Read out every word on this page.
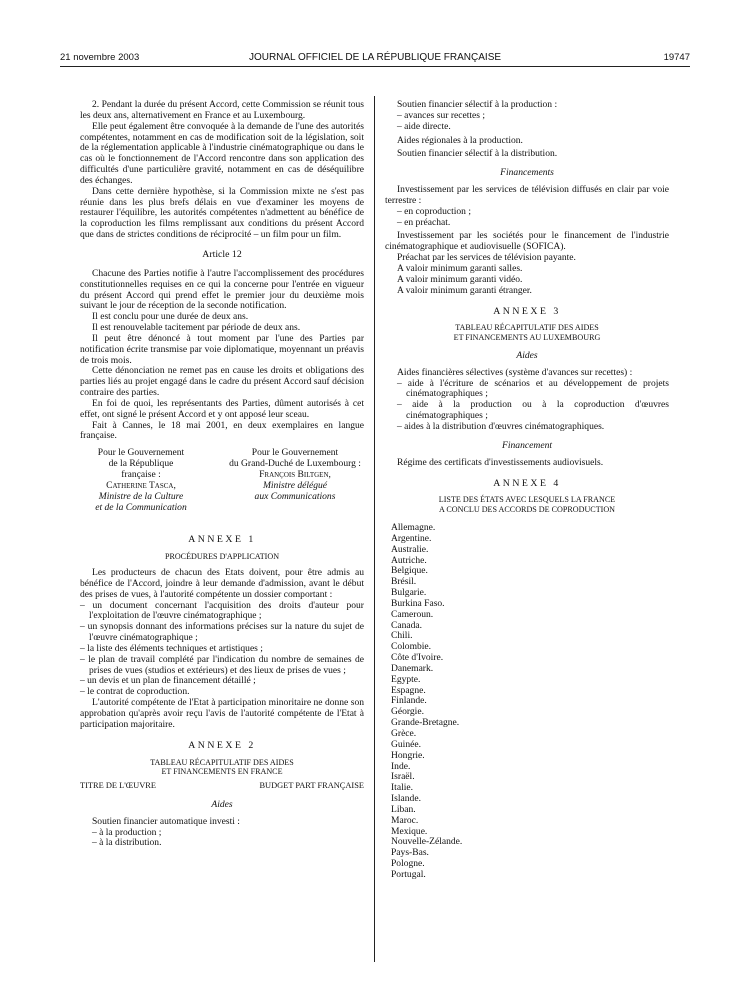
21 novembre 2003	JOURNAL OFFICIEL DE LA RÉPUBLIQUE FRANÇAISE	19747

2. Pendant la durée du présent Accord, cette Commission se réunit tous les deux ans, alternativement en France et au Luxembourg.

Elle peut également être convoquée à la demande de l'une des autorités compétentes, notamment en cas de modification soit de la législation, soit de la réglementation applicable à l'industrie cinématographique ou dans le cas où le fonctionnement de l'Accord rencontre dans son application des difficultés d'une particulière gravité, notamment en cas de déséquilibre des échanges.

Dans cette dernière hypothèse, si la Commission mixte ne s'est pas réunie dans les plus brefs délais en vue d'examiner les moyens de restaurer l'équilibre, les autorités compétentes n'admettent au bénéfice de la coproduction les films remplissant aux conditions du présent Accord que dans de strictes conditions de réciprocité – un film pour un film.

Article 12

Chacune des Parties notifie à l'autre l'accomplissement des procédures constitutionnelles requises en ce qui la concerne pour l'entrée en vigueur du présent Accord qui prend effet le premier jour du deuxième mois suivant le jour de réception de la seconde notification.

Il est conclu pour une durée de deux ans.

Il est renouvelable tacitement par période de deux ans.

Il peut être dénoncé à tout moment par l'une des Parties par notification écrite transmise par voie diplomatique, moyennant un préavis de trois mois.

Cette dénonciation ne remet pas en cause les droits et obligations des parties liés au projet engagé dans le cadre du présent Accord sauf décision contraire des parties.

En foi de quoi, les représentants des Parties, dûment autorisés à cet effet, ont signé le présent Accord et y ont apposé leur sceau.

Fait à Cannes, le 18 mai 2001, en deux exemplaires en langue française.

Pour le Gouvernement
de la République
française :
Catherine Tasca,
Ministre de la Culture
et de la Communication
Pour le Gouvernement
du Grand-Duché de Luxembourg :
François Biltgen,
Ministre délégué
aux Communications
ANNEXE 1
PROCÉDURES D'APPLICATION

Les producteurs de chacun des Etats doivent, pour être admis au bénéfice de l'Accord, joindre à leur demande d'admission, avant le début des prises de vues, à l'autorité compétente un dossier comportant :

– un document concernant l'acquisition des droits d'auteur pour l'exploitation de l'œuvre cinématographique ;

– un synopsis donnant des informations précises sur la nature du sujet de l'œuvre cinématographique ;

– la liste des éléments techniques et artistiques ;

– le plan de travail complété par l'indication du nombre de semaines de prises de vues (studios et extérieurs) et des lieux de prises de vues ;

– un devis et un plan de financement détaillé ;

– le contrat de coproduction.

L'autorité compétente de l'Etat à participation minoritaire ne donne son approbation qu'après avoir reçu l'avis de l'autorité compétente de l'Etat à participation majoritaire.

ANNEXE 2
TABLEAU RÉCAPITULATIF DES AIDES
ET FINANCEMENTS EN FRANCE
TITRE DE L'ŒUVRE	BUDGET PART FRANÇAISE
Aides

Soutien financier automatique investi :

– à la production ;

– à la distribution.

Soutien financier sélectif à la production :

– avances sur recettes ;

– aide directe.

Aides régionales à la production.

Soutien financier sélectif à la distribution.

Financements

Investissement par les services de télévision diffusés en clair par voie terrestre :

– en coproduction ;

– en préachat.

Investissement par les sociétés pour le financement de l'industrie cinématographique et audiovisuelle (SOFICA).

Préachat par les services de télévision payante.

A valoir minimum garanti salles.

A valoir minimum garanti vidéo.

A valoir minimum garanti étranger.

ANNEXE 3
TABLEAU RÉCAPITULATIF DES AIDES
ET FINANCEMENTS AU LUXEMBOURG
Aides

Aides financières sélectives (système d'avances sur recettes) :

– aide à l'écriture de scénarios et au développement de projets cinématographiques ;

– aide à la production ou à la coproduction d'œuvres cinématographiques ;

– aides à la distribution d'œuvres cinématographiques.

Financement

Régime des certificats d'investissements audiovisuels.

ANNEXE 4
LISTE DES ÉTATS AVEC LESQUELS LA FRANCE
A CONCLU DES ACCORDS DE COPRODUCTION
Allemagne.
Argentine.
Australie.
Autriche.
Belgique.
Brésil.
Bulgarie.
Burkina Faso.
Cameroun.
Canada.
Chili.
Colombie.
Côte d'Ivoire.
Danemark.
Egypte.
Espagne.
Finlande.
Géorgie.
Grande-Bretagne.
Grèce.
Guinée.
Hongrie.
Inde.
Israël.
Italie.
Islande.
Liban.
Maroc.
Mexique.
Nouvelle-Zélande.
Pays-Bas.
Pologne.
Portugal.
